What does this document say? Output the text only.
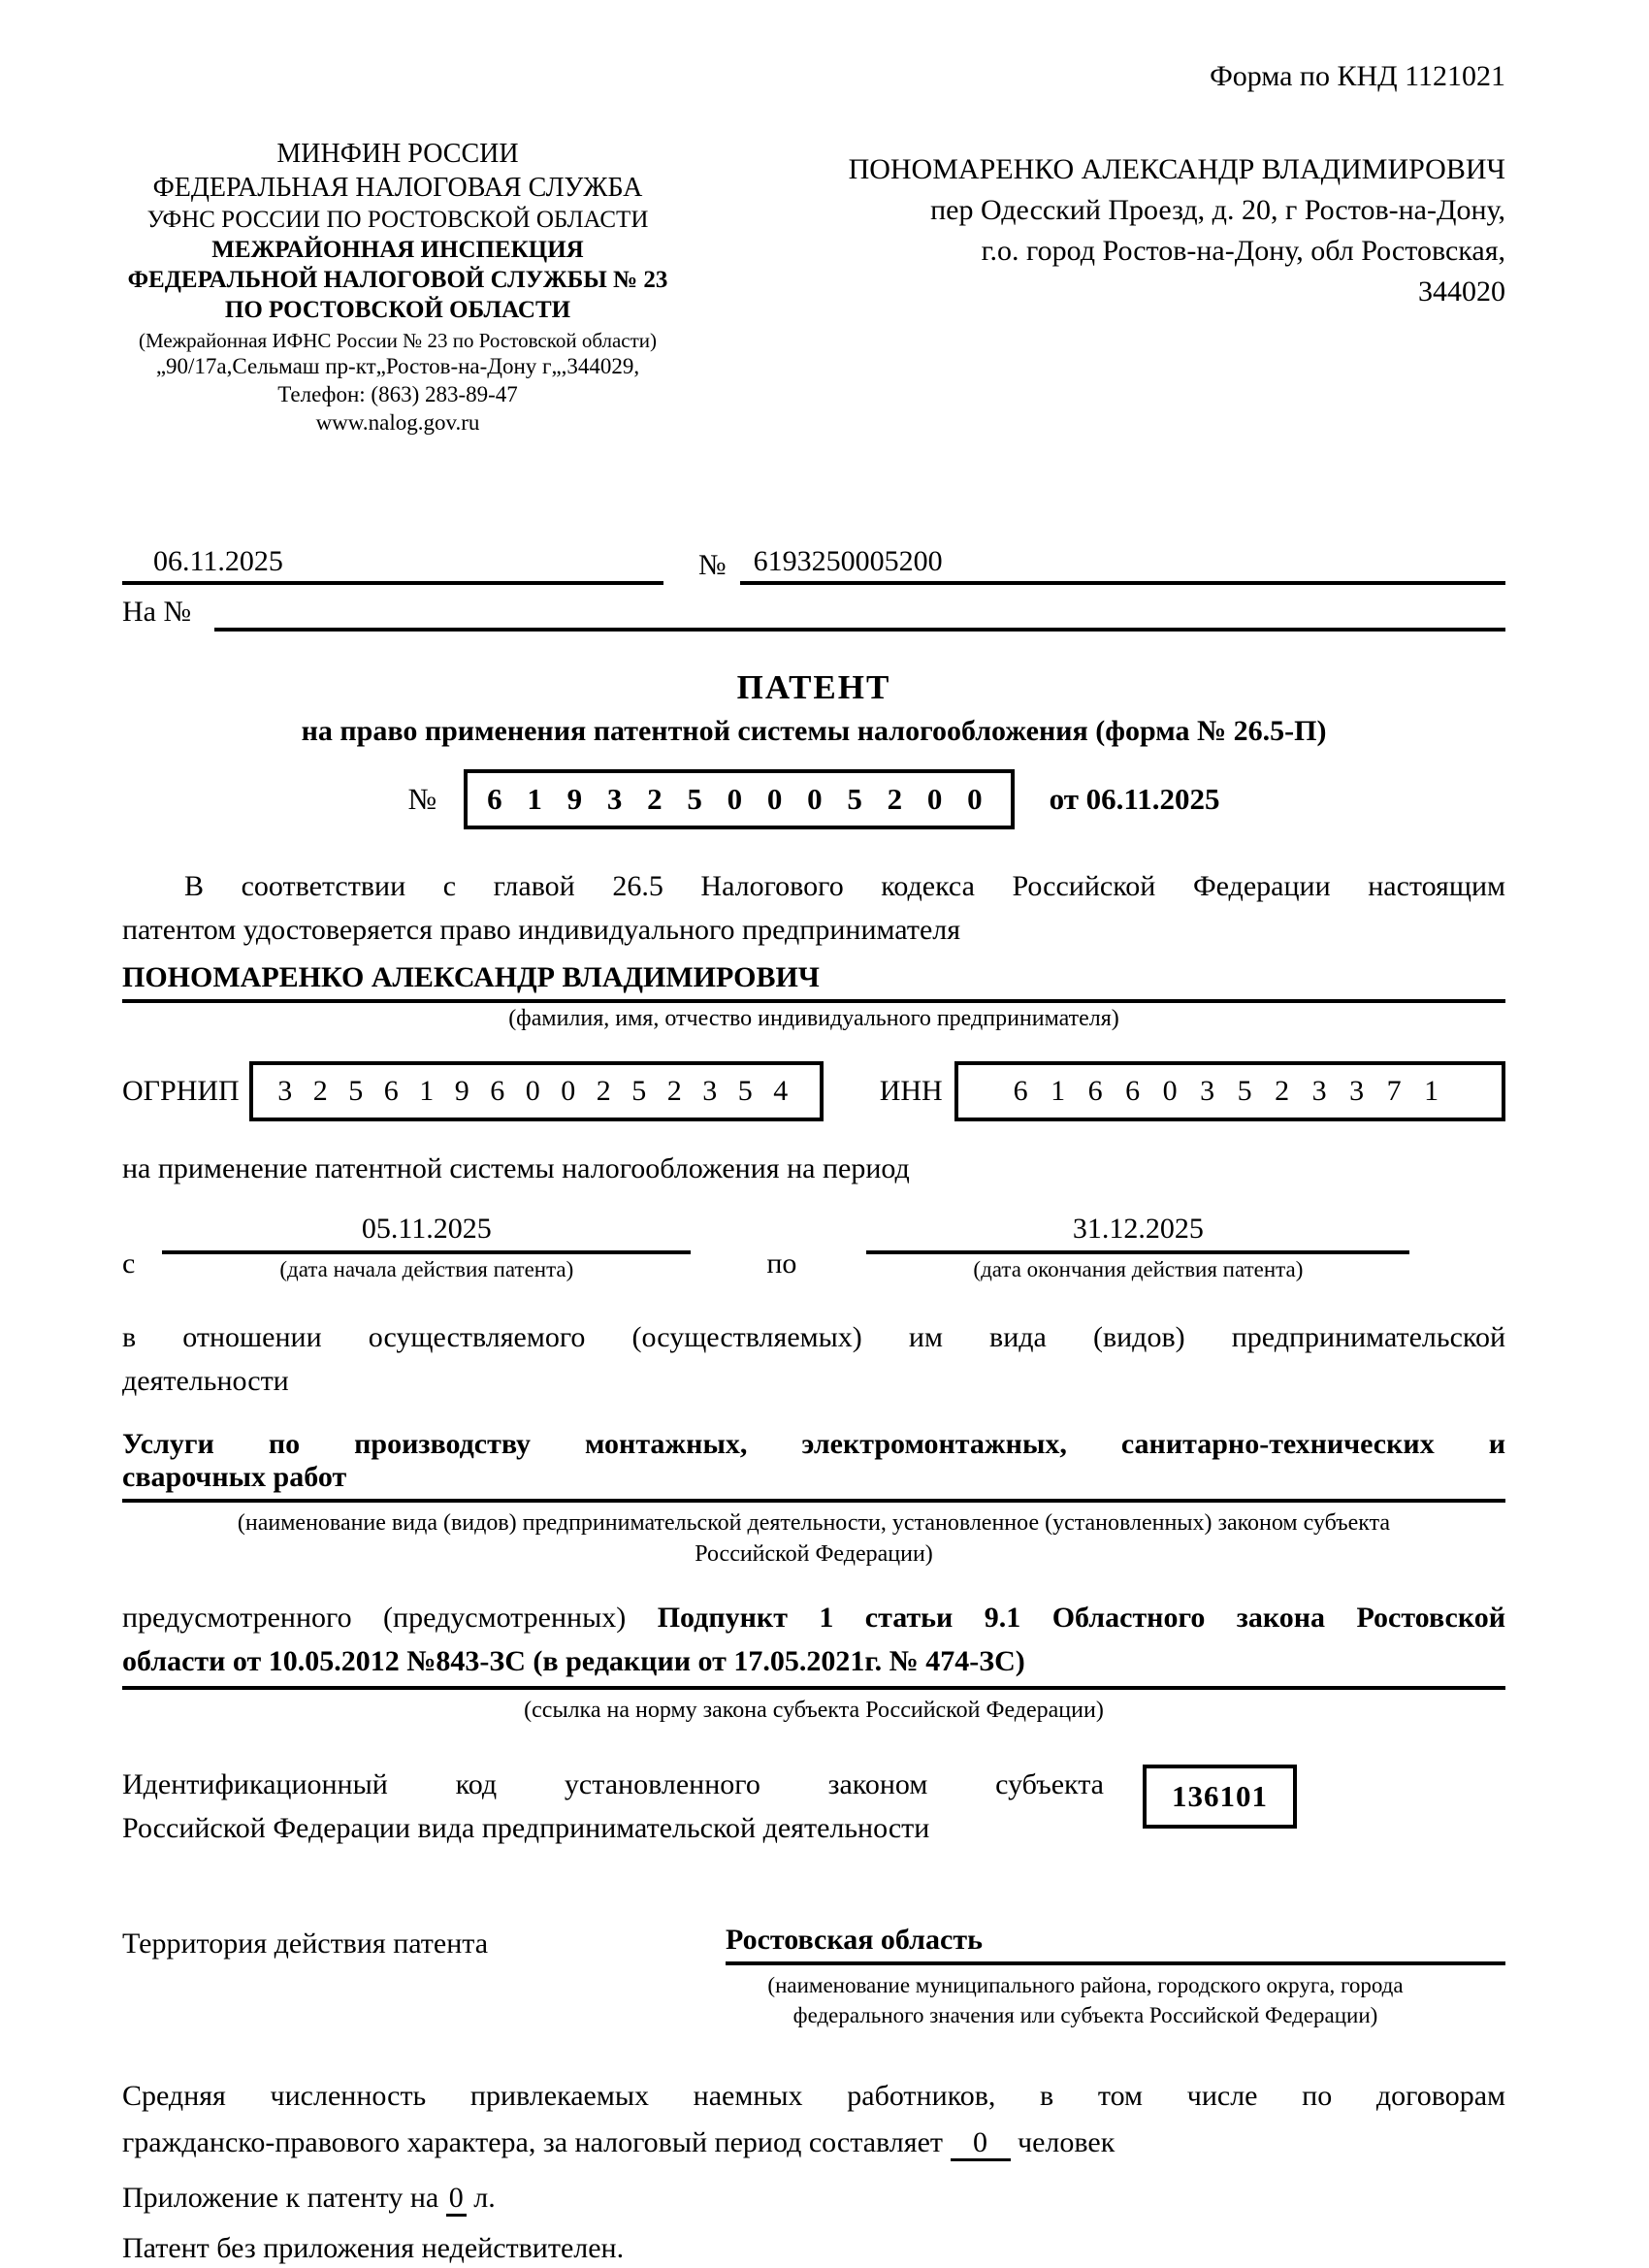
Форма по КНД 1121021
МИНФИН РОССИИ
ФЕДЕРАЛЬНАЯ НАЛОГОВАЯ СЛУЖБА
УФНС РОССИИ ПО РОСТОВСКОЙ ОБЛАСТИ
МЕЖРАЙОННАЯ ИНСПЕКЦИЯ ФЕДЕРАЛЬНОЙ НАЛОГОВОЙ СЛУЖБЫ № 23 ПО РОСТОВСКОЙ ОБЛАСТИ
(Межрайонная ИФНС России № 23 по Ростовской области)
„90/17а,Сельмаш пр-кт„Ростов-на-Дону г„,344029,
Телефон: (863) 283-89-47
www.nalog.gov.ru
ПОНОМАРЕНКО АЛЕКСАНДР ВЛАДИМИРОВИЧ
пер Одесский Проезд, д. 20, г Ростов-на-Дону,
г.о. город Ростов-на-Дону, обл Ростовская,
344020
06.11.2025	№ 6193250005200
На №
ПАТЕНТ
на право применения патентной системы налогообложения (форма № 26.5-П)
№	6 1 9 3 2 5 0 0 0 5 2 0 0	от 06.11.2025
В соответствии с главой 26.5 Налогового кодекса Российской Федерации настоящим
патентом удостоверяется право индивидуального предпринимателя
ПОНОМАРЕНКО АЛЕКСАНДР ВЛАДИМИРОВИЧ
(фамилия, имя, отчество индивидуального предпринимателя)
ОГРНИП	3 2 5 6 1 9 6 0 0 2 5 2 3 5 4	ИНН	6 1 6 6 0 3 5 2 3 3 7 1
на применение патентной системы налогообложения на период
с
05.11.2025
(дата начала действия патента)	по
31.12.2025
(дата окончания действия патента)
в отношении осуществляемого (осуществляемых) им вида (видов) предпринимательской
деятельности
Услуги по производству монтажных, электромонтажных, санитарно-технических и
сварочных работ
(наименование вида (видов) предпринимательской деятельности, установленное (установленных) законом субъекта
Российской Федерации)
предусмотренного (предусмотренных) Подпункт 1 статьи 9.1 Областного закона Ростовской
области от 10.05.2012 №843-ЗС (в редакции от 17.05.2021г. № 474-ЗС)
(ссылка на норму закона субъекта Российской Федерации)
Идентификационный код установленного законом субъекта
Российской Федерации вида предпринимательской деятельности
136101
Территория действия патента	Ростовская область
(наименование муниципального района, городского округа, города
федерального значения или субъекта Российской Федерации)
Средняя численность привлекаемых наемных работников, в том числе по договорам
гражданско-правового характера, за налоговый период составляет 0 человек
Приложение к патенту на 0 л.
Патент без приложения недействителен.
